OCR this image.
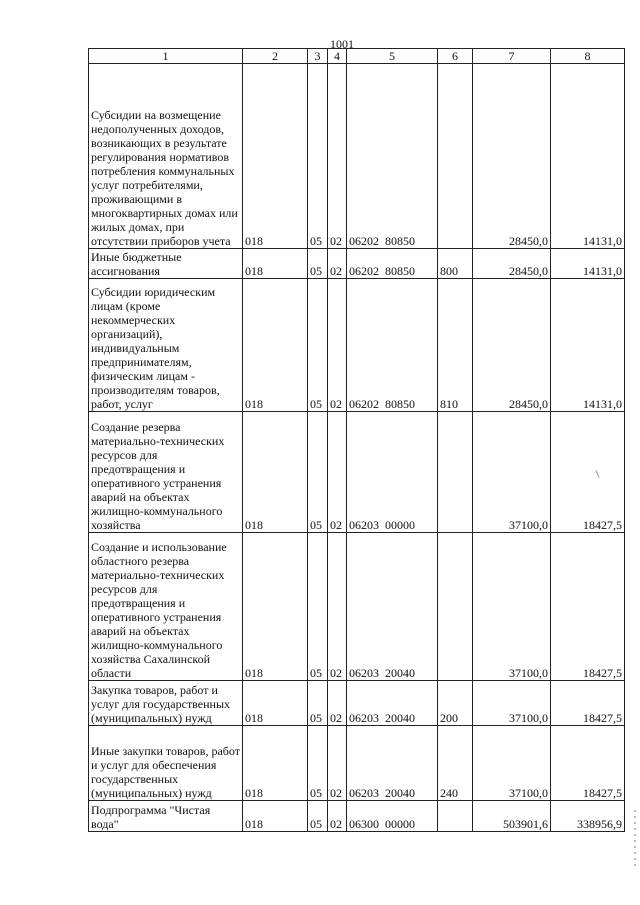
1001
1	2	3	4	5	6	7	8
Субсидии на возмещение недополученных доходов, возникающих в результате регулирования нормативов потребления коммунальных услуг потребителями, проживающими в многоквартирных домах или жилых домах, при отсутствии приборов учета	018	05	02	06202  80850		28450,0	14131,0
Иные бюджетные ассигнования	018	05	02	06202  80850	800	28450,0	14131,0
Субсидии юридическим лицам (кроме некоммерческих организаций), индивидуальным предпринимателям, физическим лицам - производителям товаров, работ, услуг	018	05	02	06202  80850	810	28450,0	14131,0
Создание резерва материально-технических ресурсов для предотвращения и оперативного устранения аварий на объектах жилищно-коммунального хозяйства	018	05	02	06203  00000		37100,0	18427,5
Создание и использование областного резерва материально-технических ресурсов для предотвращения и оперативного устранения аварий на объектах жилищно-коммунального хозяйства Сахалинской области	018	05	02	06203  20040		37100,0	18427,5
Закупка товаров, работ и услуг для государственных (муниципальных) нужд	018	05	02	06203  20040	200	37100,0	18427,5
Иные закупки товаров, работ и услуг для обеспечения государственных (муниципальных) нужд	018	05	02	06203  20040	240	37100,0	18427,5
Подпрограмма "Чистая вода"	018	05	02	06300  00000		503901,6	338956,9
